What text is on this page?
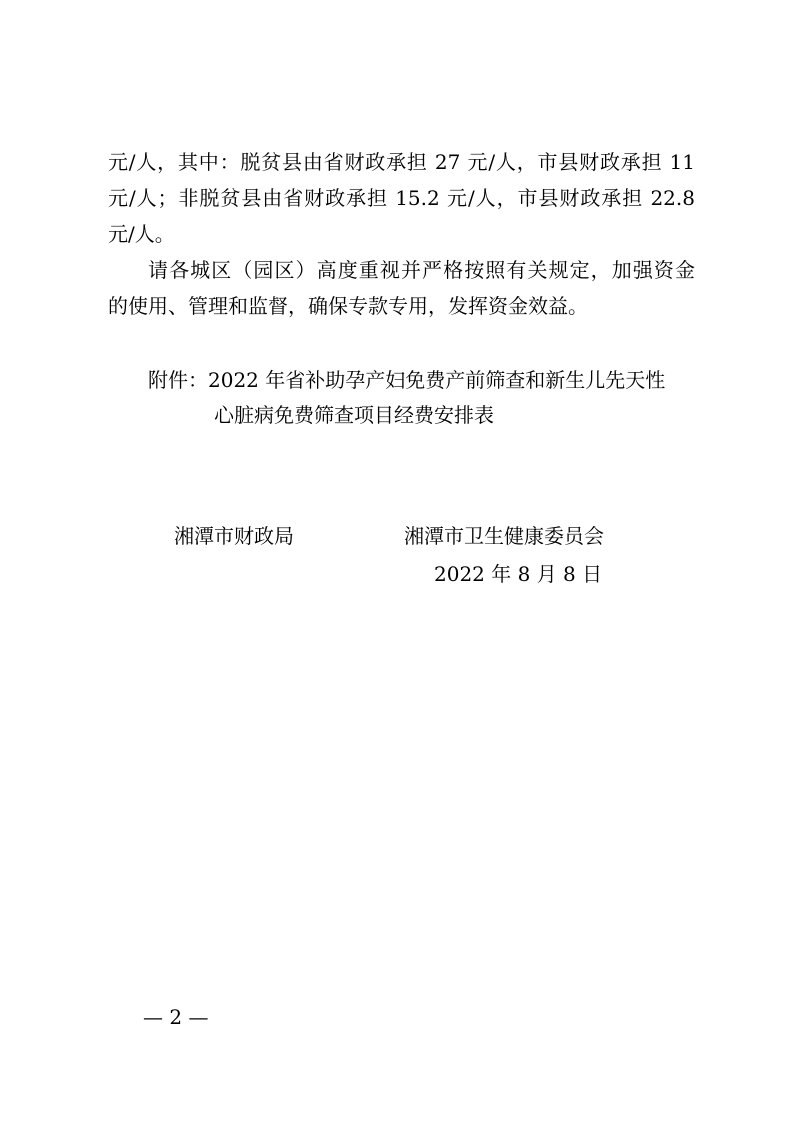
元/人，其中：脱贫县由省财政承担 27 元/人，市县财政承担 11
元/人；非脱贫县由省财政承担 15.2 元/人，市县财政承担 22.8
元/人。
请各城区（园区）高度重视并严格按照有关规定，加强资金
的使用、管理和监督，确保专款专用，发挥资金效益。
附件：2022 年省补助孕产妇免费产前筛查和新生儿先天性
心脏病免费筛查项目经费安排表
湘潭市财政局	湘潭市卫生健康委员会
2022 年 8 月 8 日
— 2 —
